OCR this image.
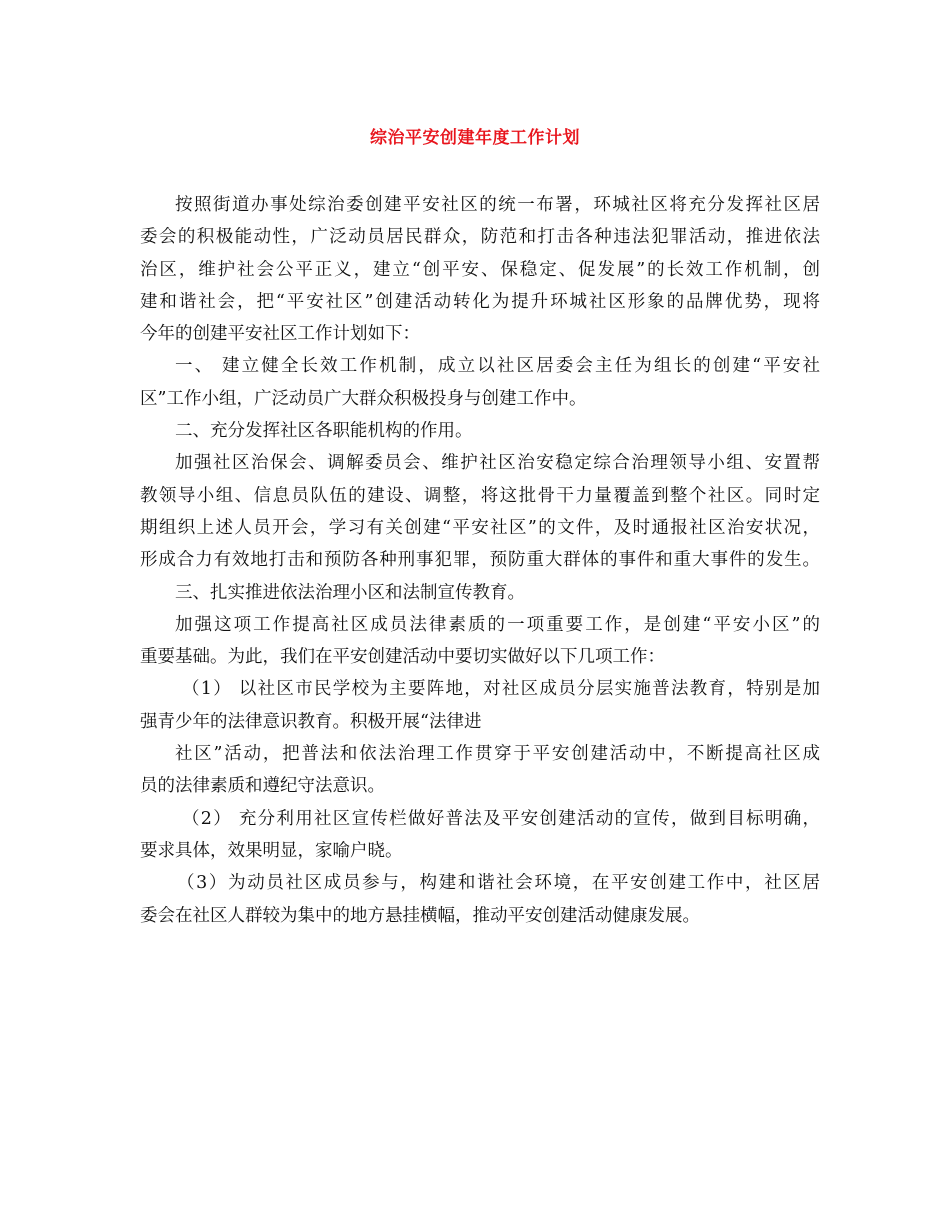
综治平安创建年度工作计划
按照街道办事处综治委创建平安社区的统一布署，环城社区将充分发挥社区居
委会的积极能动性，广泛动员居民群众，防范和打击各种违法犯罪活动，推进依法
治区，维护社会公平正义，建立“创平安、保稳定、促发展”的长效工作机制，创
建和谐社会，把“平安社区”创建活动转化为提升环城社区形象的品牌优势，现将
今年的创建平安社区工作计划如下：
一、 建立健全长效工作机制，成立以社区居委会主任为组长的创建“平安社
区”工作小组，广泛动员广大群众积极投身与创建工作中。
二、充分发挥社区各职能机构的作用。
加强社区治保会、调解委员会、维护社区治安稳定综合治理领导小组、安置帮
教领导小组、信息员队伍的建设、调整，将这批骨干力量覆盖到整个社区。同时定
期组织上述人员开会，学习有关创建“平安社区”的文件，及时通报社区治安状况，
形成合力有效地打击和预防各种刑事犯罪，预防重大群体的事件和重大事件的发生。
三、扎实推进依法治理小区和法制宣传教育。
加强这项工作提高社区成员法律素质的一项重要工作，是创建“平安小区”的
重要基础。为此，我们在平安创建活动中要切实做好以下几项工作：
（1） 以社区市民学校为主要阵地，对社区成员分层实施普法教育，特别是加
强青少年的法律意识教育。积极开展“法律进
社区”活动，把普法和依法治理工作贯穿于平安创建活动中，不断提高社区成
员的法律素质和遵纪守法意识。
（2） 充分利用社区宣传栏做好普法及平安创建活动的宣传，做到目标明确，
要求具体，效果明显，家喻户晓。
（3）为动员社区成员参与，构建和谐社会环境，在平安创建工作中，社区居
委会在社区人群较为集中的地方悬挂横幅，推动平安创建活动健康发展。
